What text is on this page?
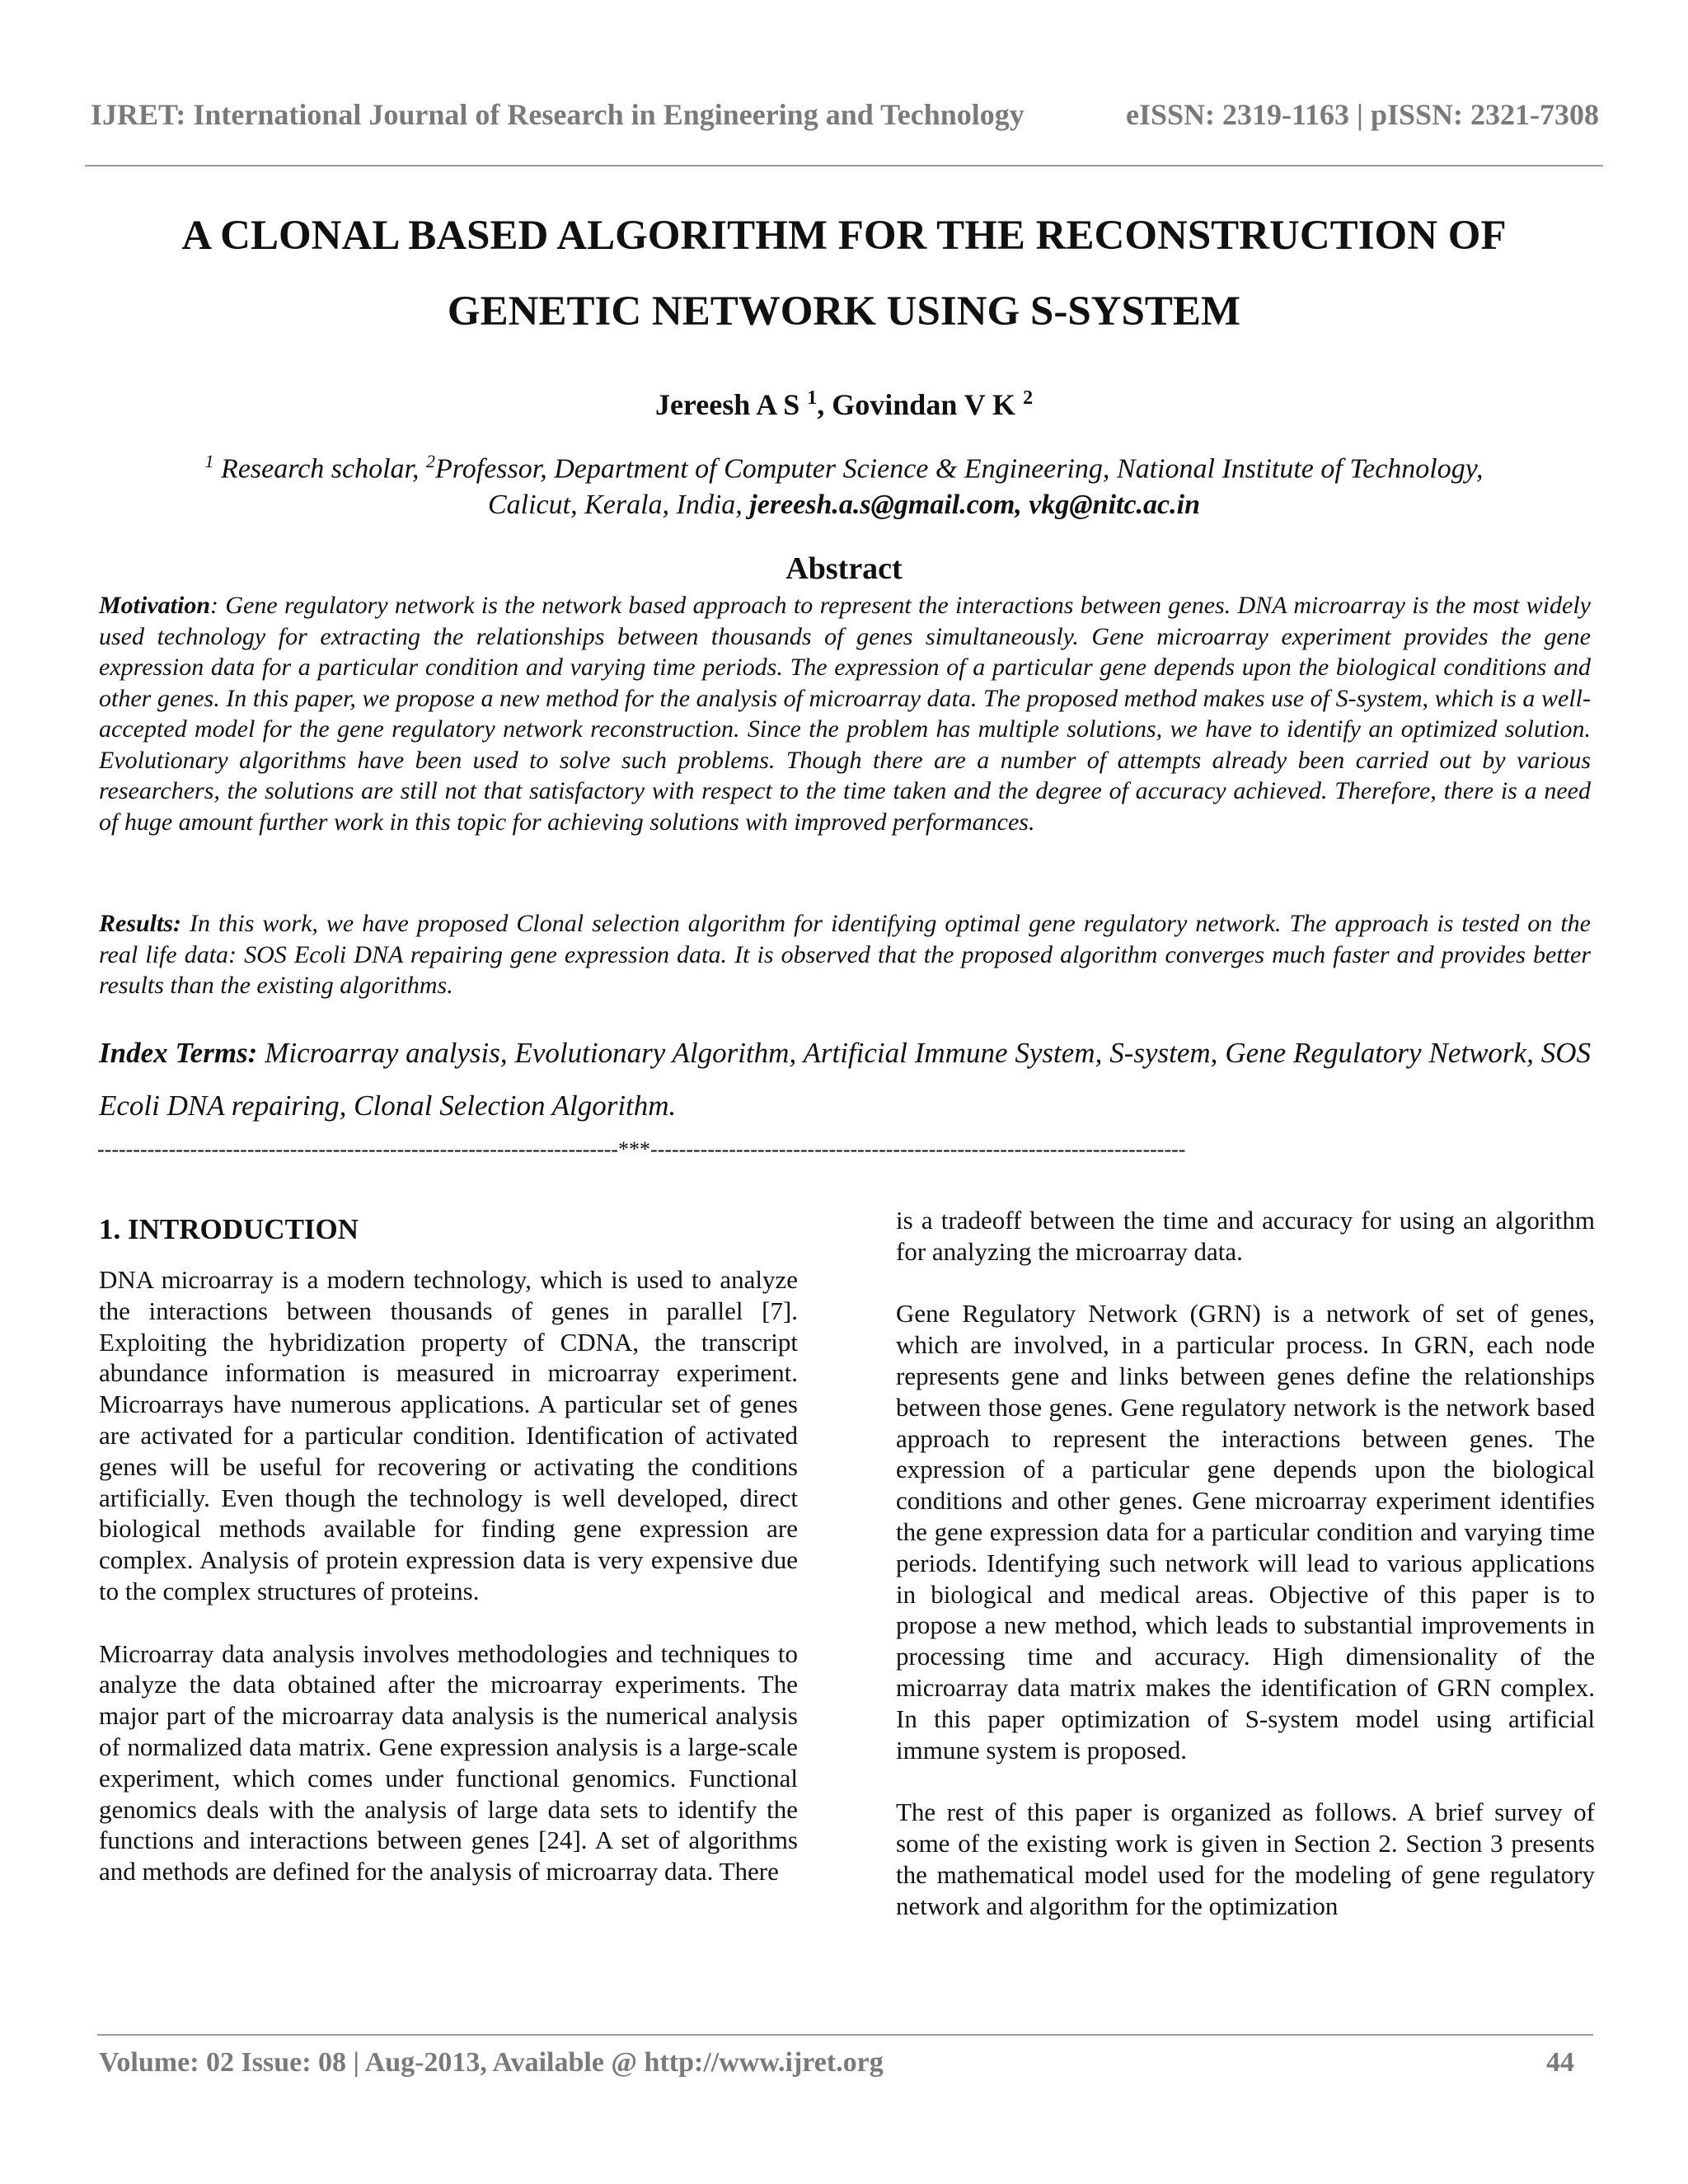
IJRET: International Journal of Research in Engineering and Technology	eISSN: 2319-1163 | pISSN: 2321-7308
A CLONAL BASED ALGORITHM FOR THE RECONSTRUCTION OF
GENETIC NETWORK USING S-SYSTEM
Jereesh A S $^1$, Govindan V K $^2$
$^1$ Research scholar, $^2$Professor, Department of Computer Science & Engineering, National Institute of Technology,
Calicut, Kerala, India, jereesh.a.s@gmail.com, vkg@nitc.ac.in
Abstract
Motivation: Gene regulatory network is the network based approach to represent the interactions between genes. DNA microarray is the most widely used technology for extracting the relationships between thousands of genes simultaneously. Gene microarray experiment provides the gene expression data for a particular condition and varying time periods. The expression of a particular gene depends upon the biological conditions and other genes. In this paper, we propose a new method for the analysis of microarray data. The proposed method makes use of S-system, which is a well-accepted model for the gene regulatory network reconstruction. Since the problem has multiple solutions, we have to identify an optimized solution. Evolutionary algorithms have been used to solve such problems. Though there are a number of attempts already been carried out by various researchers, the solutions are still not that satisfactory with respect to the time taken and the degree of accuracy achieved. Therefore, there is a need of huge amount further work in this topic for achieving solutions with improved performances.
Results: In this work, we have proposed Clonal selection algorithm for identifying optimal gene regulatory network. The approach is tested on the real life data: SOS Ecoli DNA repairing gene expression data. It is observed that the proposed algorithm converges much faster and provides better results than the existing algorithms.
Index Terms: Microarray analysis, Evolutionary Algorithm, Artificial Immune System, S-system, Gene Regulatory Network, SOS Ecoli DNA repairing, Clonal Selection Algorithm.
-------------------------------------------------------------------------***---------------------------------------------------------------------------
1. INTRODUCTION

DNA microarray is a modern technology, which is used to analyze the interactions between thousands of genes in parallel [7]. Exploiting the hybridization property of CDNA, the transcript abundance information is measured in microarray experiment. Microarrays have numerous applications. A particular set of genes are activated for a particular condition. Identification of activated genes will be useful for recovering or activating the conditions artificially. Even though the technology is well developed, direct biological methods available for finding gene expression are complex. Analysis of protein expression data is very expensive due to the complex structures of proteins.

Microarray data analysis involves methodologies and techniques to analyze the data obtained after the microarray experiments. The major part of the microarray data analysis is the numerical analysis of normalized data matrix. Gene expression analysis is a large-scale experiment, which comes under functional genomics. Functional genomics deals with the analysis of large data sets to identify the functions and interactions between genes [24]. A set of algorithms and methods are defined for the analysis of microarray data. There

is a tradeoff between the time and accuracy for using an algorithm for analyzing the microarray data.

Gene Regulatory Network (GRN) is a network of set of genes, which are involved, in a particular process. In GRN, each node represents gene and links between genes define the relationships between those genes. Gene regulatory network is the network based approach to represent the interactions between genes. The expression of a particular gene depends upon the biological conditions and other genes. Gene microarray experiment identifies the gene expression data for a particular condition and varying time periods. Identifying such network will lead to various applications in biological and medical areas. Objective of this paper is to propose a new method, which leads to substantial improvements in processing time and accuracy. High dimensionality of the microarray data matrix makes the identification of GRN complex. In this paper optimization of S-system model using artificial immune system is proposed.

The rest of this paper is organized as follows. A brief survey of some of the existing work is given in Section 2. Section 3 presents the mathematical model used for the modeling of gene regulatory network and algorithm for the optimization

Volume: 02 Issue: 08 | Aug-2013, Available @ http://www.ijret.org	44
